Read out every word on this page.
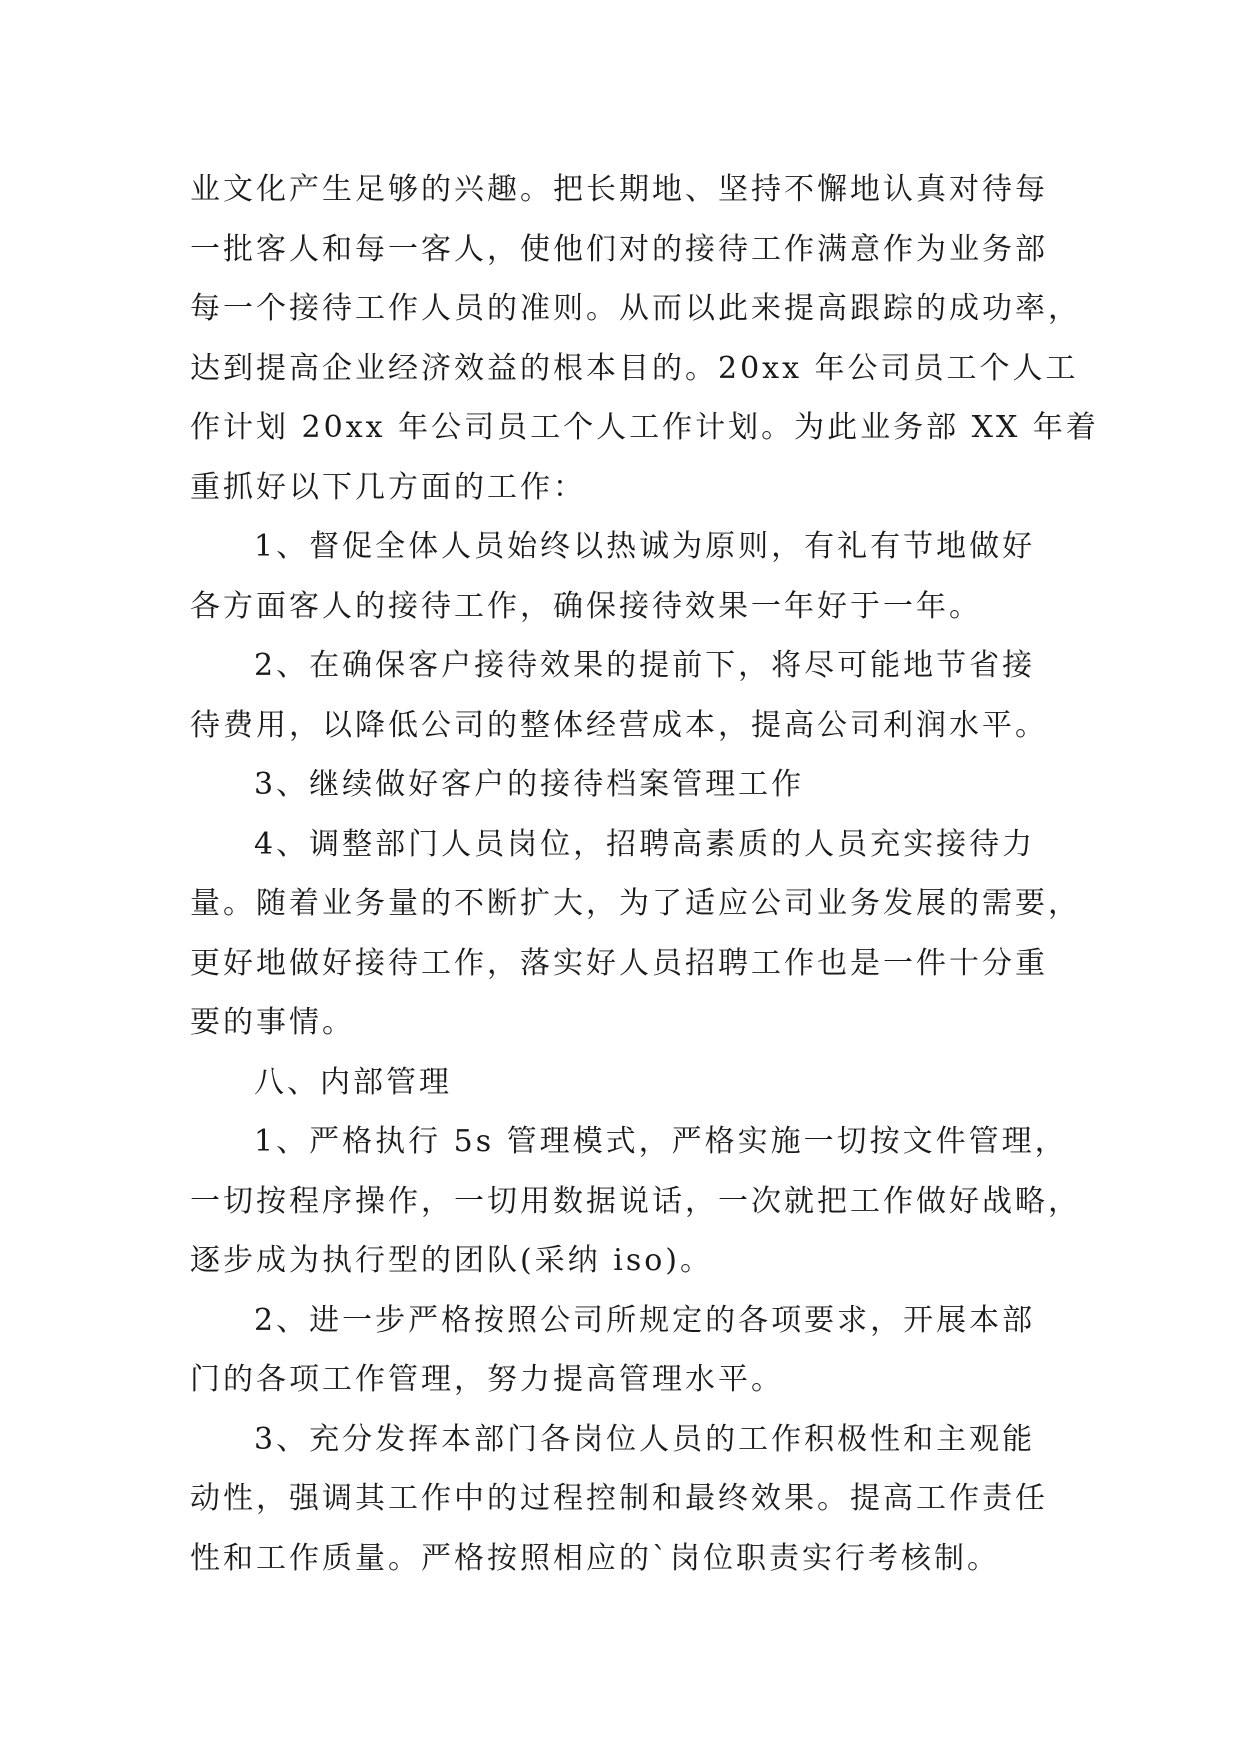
业文化产生足够的兴趣。把长期地、坚持不懈地认真对待每
一批客人和每一客人，使他们对的接待工作满意作为业务部
每一个接待工作人员的准则。从而以此来提高跟踪的成功率，
达到提高企业经济效益的根本目的。20xx 年公司员工个人工
作计划 20xx 年公司员工个人工作计划。为此业务部 XX 年着
重抓好以下几方面的工作：
1、督促全体人员始终以热诚为原则，有礼有节地做好
各方面客人的接待工作，确保接待效果一年好于一年。
2、在确保客户接待效果的提前下，将尽可能地节省接
待费用，以降低公司的整体经营成本，提高公司利润水平。
3、继续做好客户的接待档案管理工作
4、调整部门人员岗位，招聘高素质的人员充实接待力
量。随着业务量的不断扩大，为了适应公司业务发展的需要，
更好地做好接待工作，落实好人员招聘工作也是一件十分重
要的事情。
八、内部管理
1、严格执行 5s 管理模式，严格实施一切按文件管理，
一切按程序操作，一切用数据说话，一次就把工作做好战略，
逐步成为执行型的团队(采纳 iso)。
2、进一步严格按照公司所规定的各项要求，开展本部
门的各项工作管理，努力提高管理水平。
3、充分发挥本部门各岗位人员的工作积极性和主观能
动性，强调其工作中的过程控制和最终效果。提高工作责任
性和工作质量。严格按照相应的`岗位职责实行考核制。
